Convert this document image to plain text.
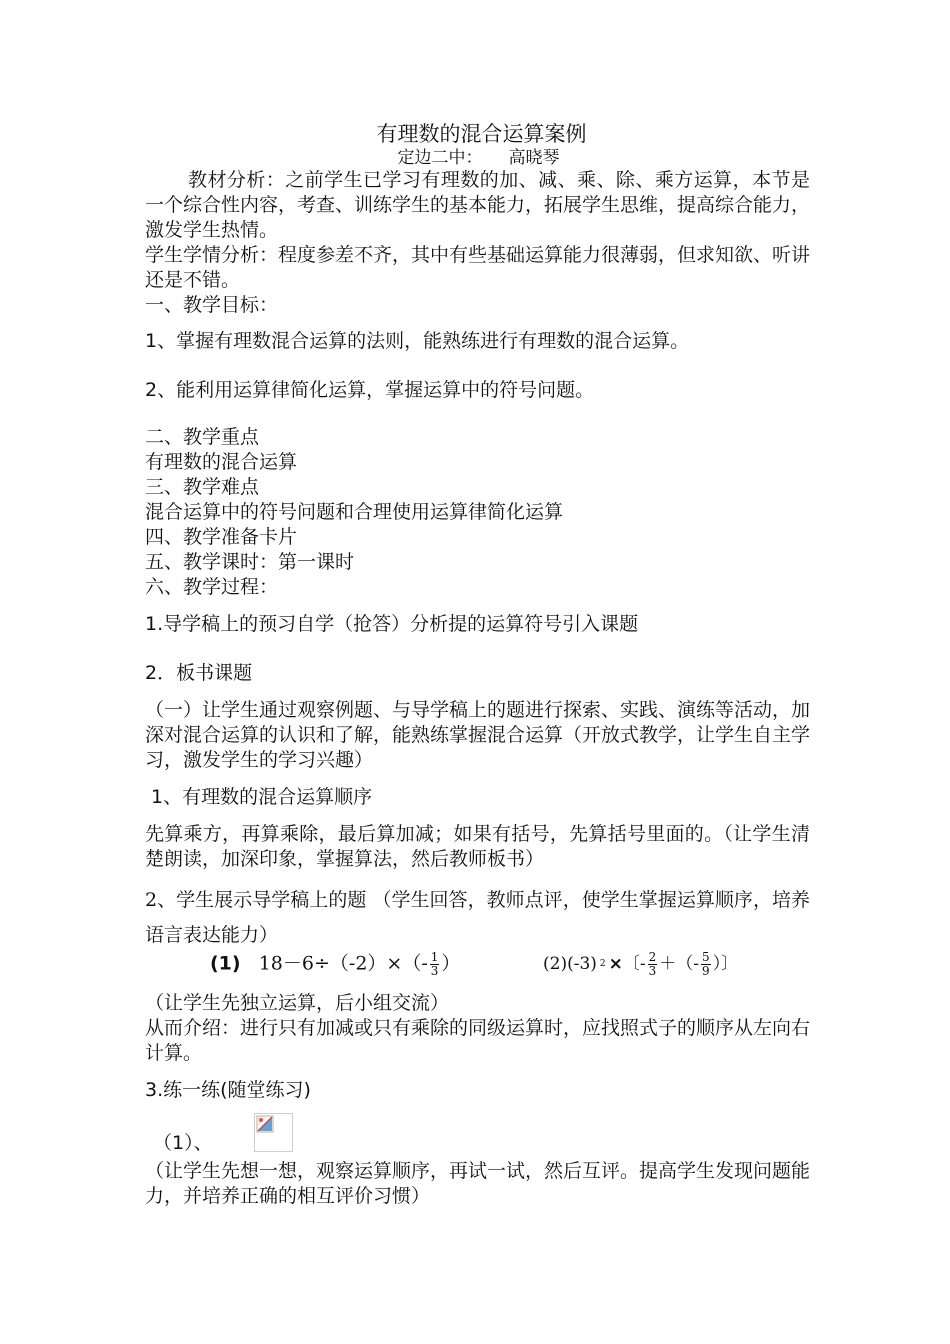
有理数的混合运算案例
定边二中： 高晓琴

教材分析：之前学生已学习有理数的加、减、乘、除、乘方运算，本节是一个综合性内容，考查、训练学生的基本能力，拓展学生思维，提高综合能力，激发学生热情。

学生学情分析：程度参差不齐，其中有些基础运算能力很薄弱，但求知欲、听讲还是不错。

一、教学目标：

1、掌握有理数混合运算的法则，能熟练进行有理数的混合运算。

2、能利用运算律简化运算，掌握运算中的符号问题。

二、教学重点

有理数的混合运算

三、教学难点

混合运算中的符号问题和合理使用运算律简化运算

四、教学准备卡片

五、教学课时：第一课时

六、教学过程：

1.导学稿上的预习自学（抢答）分析提的运算符号引入课题

2．板书课题

（一）让学生通过观察例题、与导学稿上的题进行探索、实践、演练等活动，加深对混合运算的认识和了解，能熟练掌握混合运算（开放式教学，让学生自主学习，激发学生的学习兴趣）

1、有理数的混合运算顺序

先算乘方，再算乘除，最后算加减；如果有括号，先算括号里面的。（让学生清楚朗读，加深印象，掌握算法，然后教师板书）

2、学生展示导学稿上的题 （学生回答，教师点评，使学生掌握运算顺序，培养语言表达能力）

(1) $18-6\div(-2)\times(- \frac{1}{3}$ ）	(2)(-3) 2 ×〔- $\frac{2}{3}$ ＋（- $\frac{5}{9}$ ）〕

（让学生先独立运算，后小组交流）

从而介绍：进行只有加减或只有乘除的同级运算时，应找照式子的顺序从左向右计算。

3.练一练(随堂练习)

（1）、

（让学生先想一想，观察运算顺序，再试一试，然后互评。提高学生发现问题能力，并培养正确的相互评价习惯）
